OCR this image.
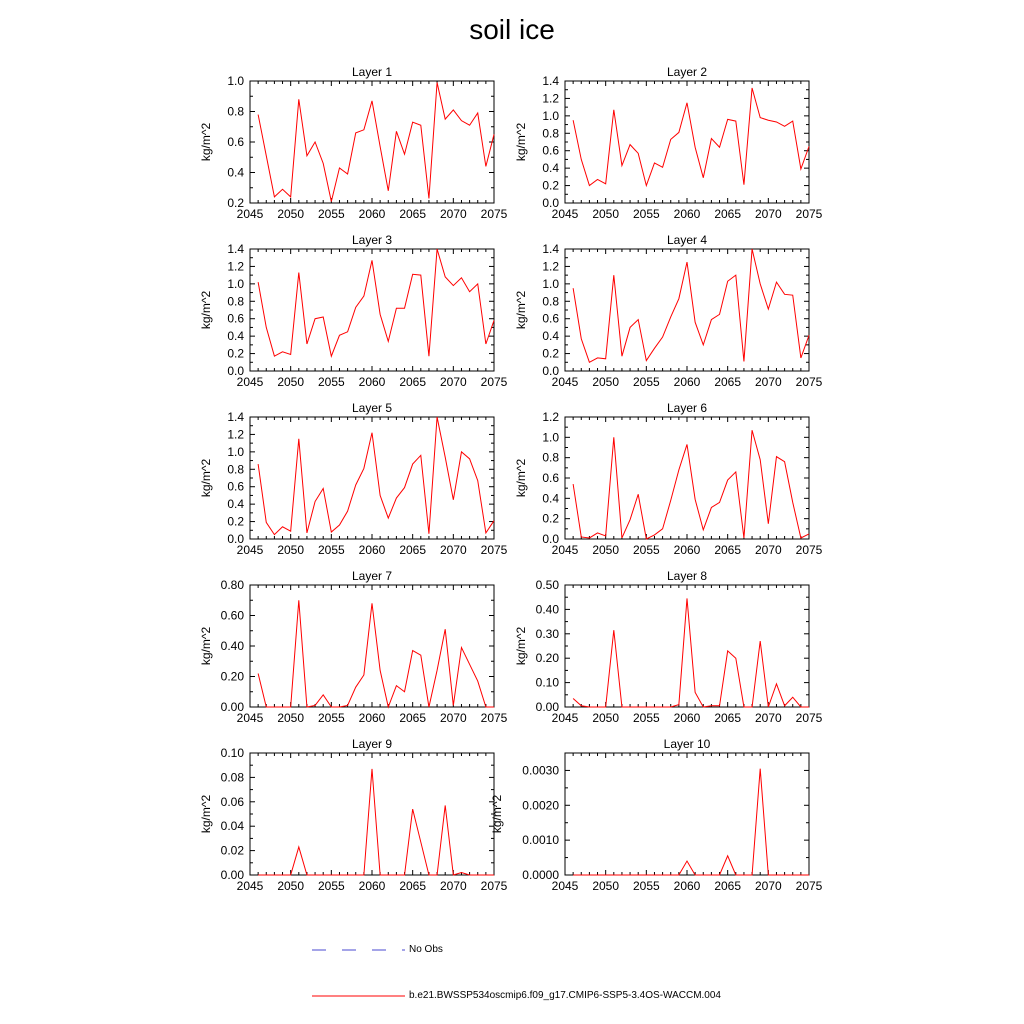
soil ice
Layer 1
2045 2050 2055 2060 2065 2070 2075
0.2
0.4
0.6
0.8
1.0
kg/m^2
Layer 2
2045 2050 2055 2060 2065 2070 2075
0.0
0.2
0.4
0.6
0.8
1.0
1.2
1.4
kg/m^2
Layer 3
2045 2050 2055 2060 2065 2070 2075
0.0
0.2
0.4
0.6
0.8
1.0
1.2
1.4
kg/m^2
Layer 4
2045 2050 2055 2060 2065 2070 2075
0.0
0.2
0.4
0.6
0.8
1.0
1.2
1.4
kg/m^2
Layer 5
2045 2050 2055 2060 2065 2070 2075
0.0
0.2
0.4
0.6
0.8
1.0
1.2
1.4
kg/m^2
Layer 6
2045 2050 2055 2060 2065 2070 2075
0.0
0.2
0.4
0.6
0.8
1.0
1.2
kg/m^2
Layer 7
2045 2050 2055 2060 2065 2070 2075
0.00
0.20
0.40
0.60
0.80
kg/m^2
Layer 8
2045 2050 2055 2060 2065 2070 2075
0.00
0.10
0.20
0.30
0.40
0.50
kg/m^2
Layer 9
2045 2050 2055 2060 2065 2070 2075
0.00
0.02
0.04
0.06
0.08
0.10
kg/m^2
Layer 10
2045 2050 2055 2060 2065 2070 2075
0.0000
0.0010
0.0020
0.0030
kg/m^2
No Obs
b.e21.BWSSP534oscmip6.f09_g17.CMIP6-SSP5-3.4OS-WACCM.004
